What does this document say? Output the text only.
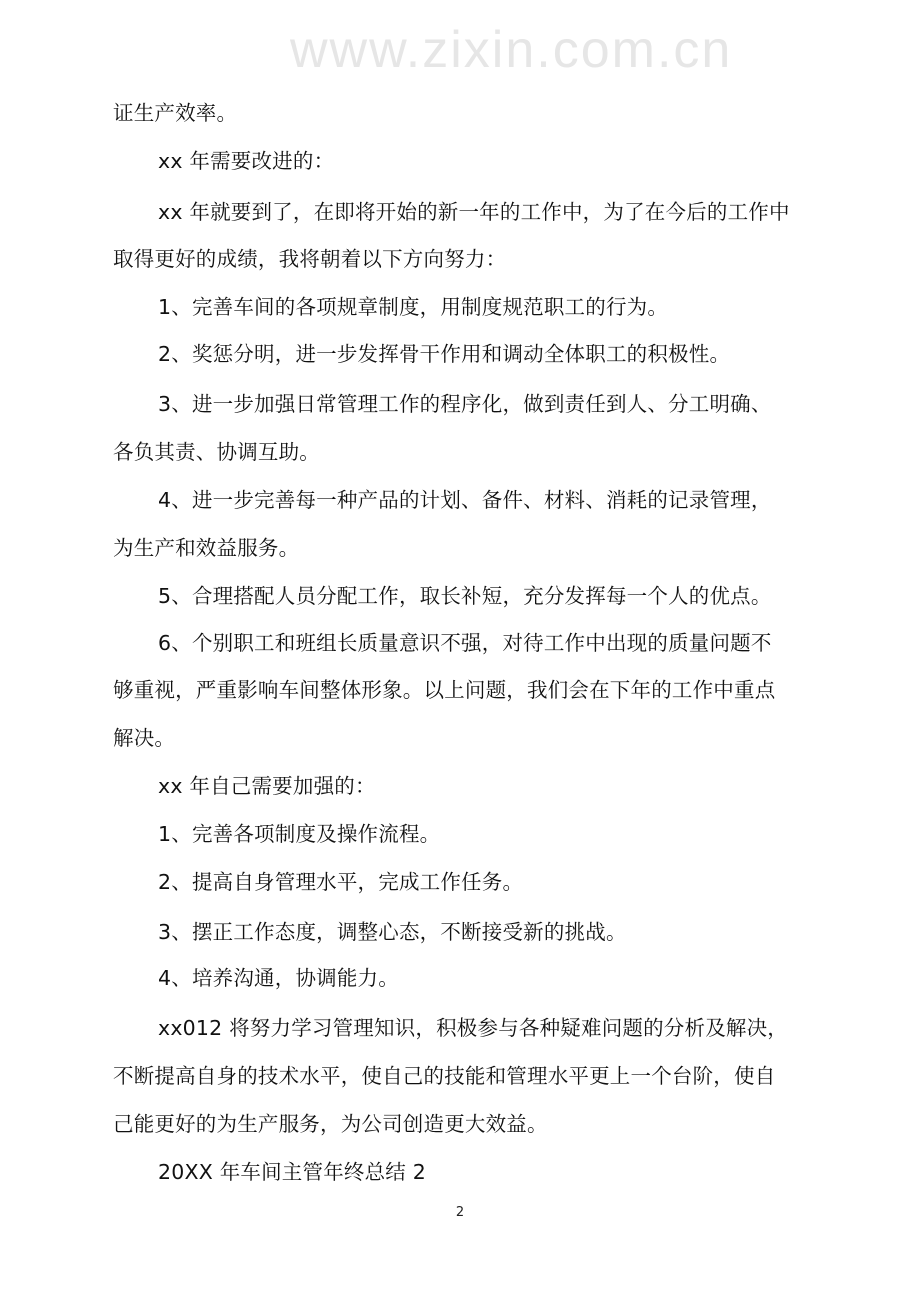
www.zixin.com.cn
证生产效率。
xx 年需要改进的：
xx 年就要到了，在即将开始的新一年的工作中，为了在今后的工作中
取得更好的成绩，我将朝着以下方向努力：
1、完善车间的各项规章制度，用制度规范职工的行为。
2、奖惩分明，进一步发挥骨干作用和调动全体职工的积极性。
3、进一步加强日常管理工作的程序化，做到责任到人、分工明确、
各负其责、协调互助。
4、进一步完善每一种产品的计划、备件、材料、消耗的记录管理，
为生产和效益服务。
5、合理搭配人员分配工作，取长补短，充分发挥每一个人的优点。
6、个别职工和班组长质量意识不强，对待工作中出现的质量问题不
够重视，严重影响车间整体形象。以上问题，我们会在下年的工作中重点
解决。
xx 年自己需要加强的：
1、完善各项制度及操作流程。
2、提高自身管理水平，完成工作任务。
3、摆正工作态度，调整心态，不断接受新的挑战。
4、培养沟通，协调能力。
xx012 将努力学习管理知识，积极参与各种疑难问题的分析及解决，
不断提高自身的技术水平，使自己的技能和管理水平更上一个台阶，使自
己能更好的为生产服务，为公司创造更大效益。
20XX 年车间主管年终总结 2
2
